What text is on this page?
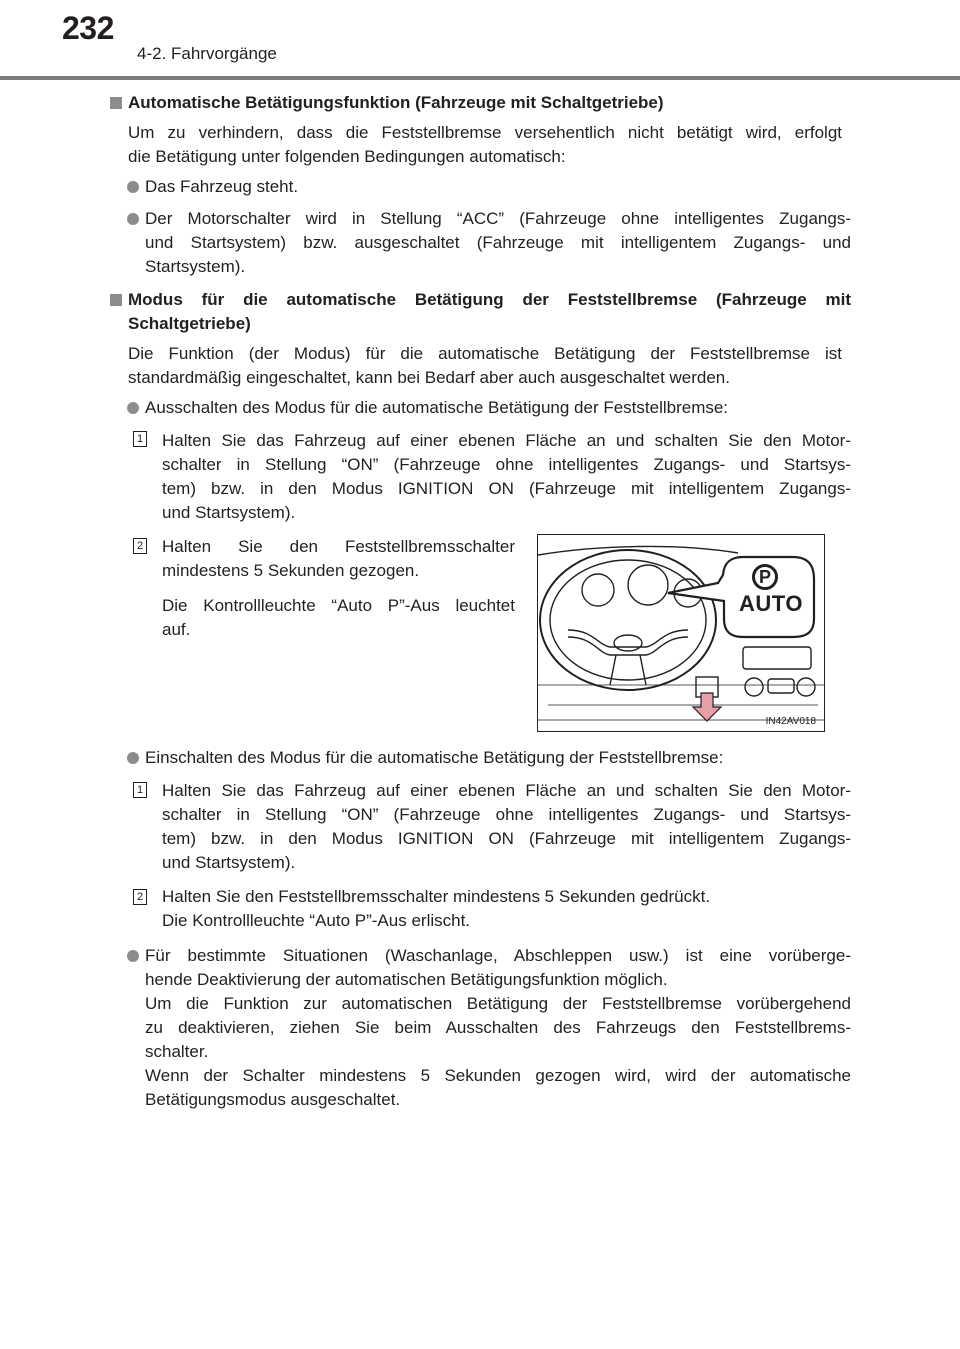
232
4-2. Fahrvorgänge
Automatische Betätigungsfunktion (Fahrzeuge mit Schaltgetriebe)
Um zu verhindern, dass die Feststellbremse versehentlich nicht betätigt wird, erfolgt
die Betätigung unter folgenden Bedingungen automatisch:
Das Fahrzeug steht.
Der Motorschalter wird in Stellung “ACC” (Fahrzeuge ohne intelligentes Zugangs-
und Startsystem) bzw. ausgeschaltet (Fahrzeuge mit intelligentem Zugangs- und
Startsystem).
Modus für die automatische Betätigung der Feststellbremse (Fahrzeuge mit
Schaltgetriebe)
Die Funktion (der Modus) für die automatische Betätigung der Feststellbremse ist
standardmäßig eingeschaltet, kann bei Bedarf aber auch ausgeschaltet werden.
Ausschalten des Modus für die automatische Betätigung der Feststellbremse:
1 Halten Sie das Fahrzeug auf einer ebenen Fläche an und schalten Sie den Motor-
schalter in Stellung “ON” (Fahrzeuge ohne intelligentes Zugangs- und Startsys-
tem) bzw. in den Modus IGNITION ON (Fahrzeuge mit intelligentem Zugangs-
und Startsystem).
2 Halten Sie den Feststellbremsschalter
mindestens 5 Sekunden gezogen.
Die Kontrollleuchte “Auto P”-Aus leuchtet
auf.
P
AUTO
IN42AV018
Einschalten des Modus für die automatische Betätigung der Feststellbremse:
1 Halten Sie das Fahrzeug auf einer ebenen Fläche an und schalten Sie den Motor-
schalter in Stellung “ON” (Fahrzeuge ohne intelligentes Zugangs- und Startsys-
tem) bzw. in den Modus IGNITION ON (Fahrzeuge mit intelligentem Zugangs-
und Startsystem).
2 Halten Sie den Feststellbremsschalter mindestens 5 Sekunden gedrückt.
Die Kontrollleuchte “Auto P”-Aus erlischt.
Für bestimmte Situationen (Waschanlage, Abschleppen usw.) ist eine vorüberge-
hende Deaktivierung der automatischen Betätigungsfunktion möglich.
Um die Funktion zur automatischen Betätigung der Feststellbremse vorübergehend
zu deaktivieren, ziehen Sie beim Ausschalten des Fahrzeugs den Feststellbrems-
schalter.
Wenn der Schalter mindestens 5 Sekunden gezogen wird, wird der automatische
Betätigungsmodus ausgeschaltet.
